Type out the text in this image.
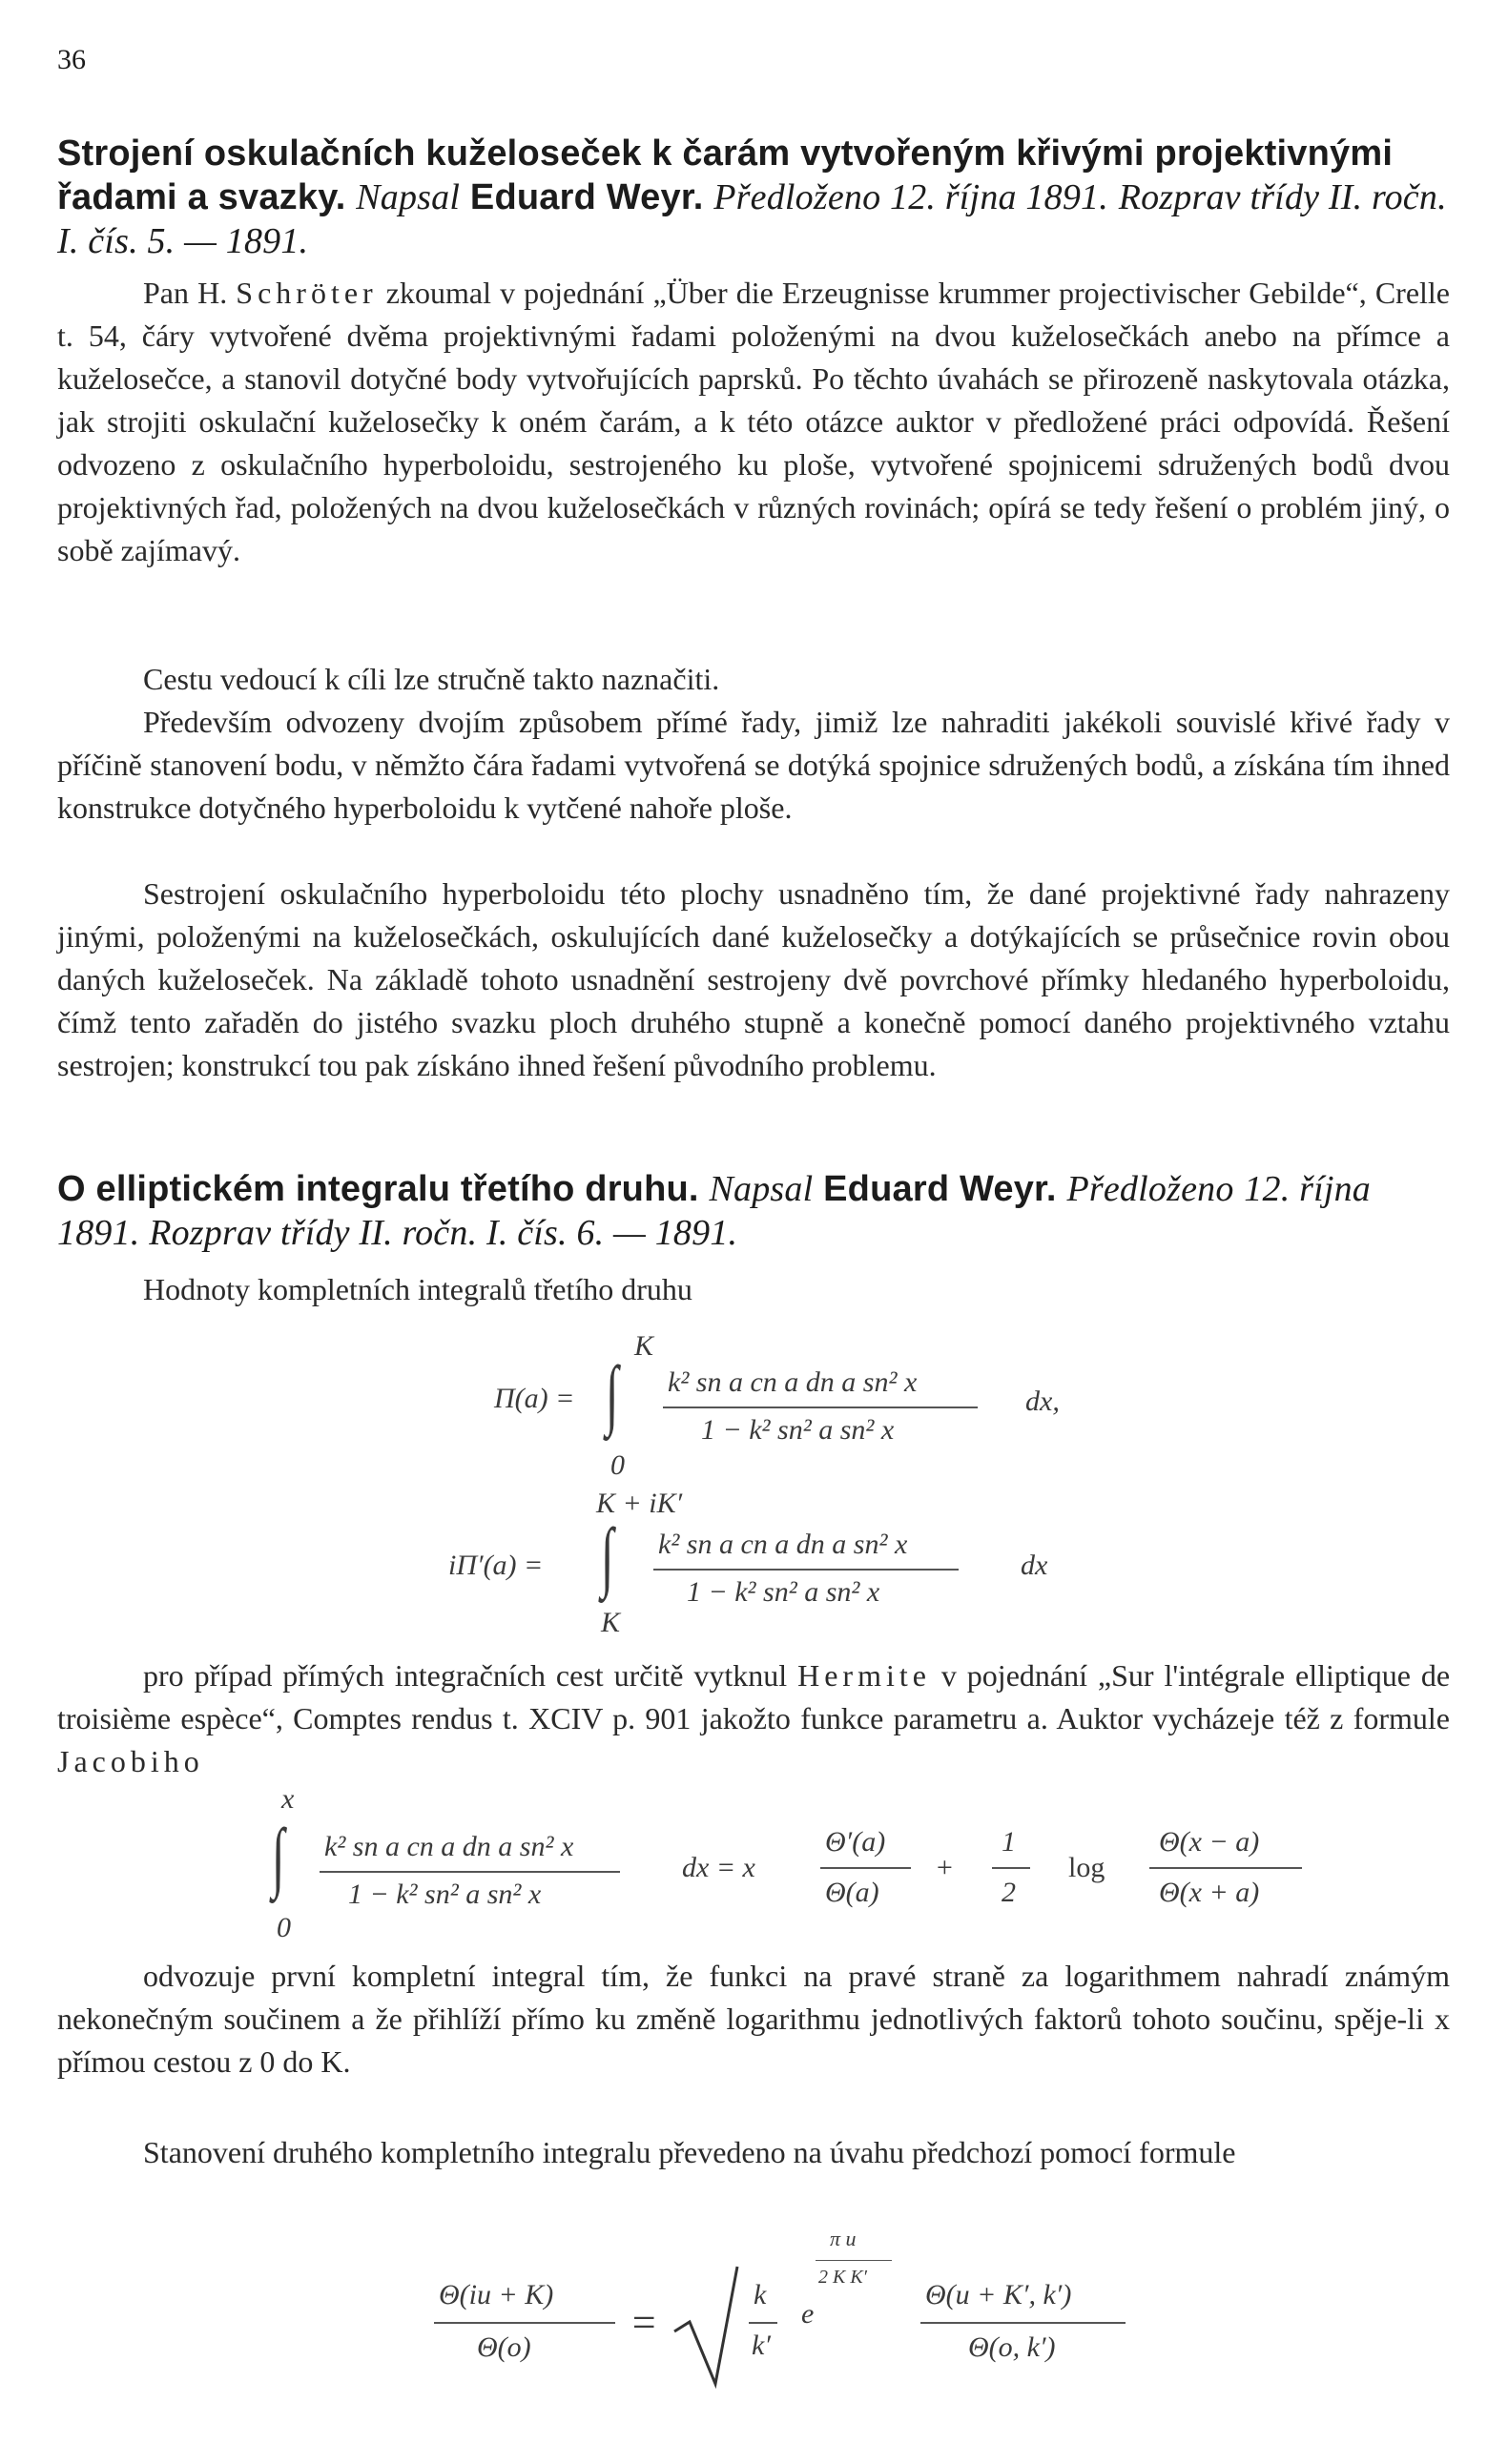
36
Strojení oskulačních kuželoseček k čarám vytvořeným křivými projektivnými řadami a svazky. Napsal Eduard Weyr. Předloženo 12. října 1891. Rozprav třídy II. ročn. I. čís. 5. — 1891.
Pan H. Schröter zkoumal v pojednání „Über die Erzeugnisse krummer projectivischer Gebilde“, Crelle t. 54, čáry vytvořené dvěma projektivnými řadami položenými na dvou kuželosečkách anebo na přímce a kuželosečce, a stanovil dotyčné body vytvořujících paprsků. Po těchto úvahách se přirozeně naskytovala otázka, jak strojiti oskulační kuželosečky k oném čarám, a k této otázce auktor v předložené práci odpovídá. Řešení odvozeno z oskulačního hyperboloidu, sestrojeného ku ploše, vytvořené spojnicemi sdružených bodů dvou projektivných řad, položených na dvou kuželosečkách v různých rovinách; opírá se tedy řešení o problém jiný, o sobě zajímavý.
Cestu vedoucí k cíli lze stručně takto naznačiti.
Především odvozeny dvojím způsobem přímé řady, jimiž lze nahraditi jakékoli souvislé křivé řady v příčině stanovení bodu, v němžto čára řadami vytvořená se dotýká spojnice sdružených bodů, a získána tím ihned konstrukce dotyčného hyperboloidu k vytčené nahoře ploše.
Sestrojení oskulačního hyperboloidu této plochy usnadněno tím, že dané projektivné řady nahrazeny jinými, položenými na kuželosečkách, oskulujících dané kuželosečky a dotýkajících se průsečnice rovin obou daných kuželoseček. Na základě tohoto usnadnění sestrojeny dvě povrchové přímky hledaného hyperboloidu, čímž tento zařaděn do jistého svazku ploch druhého stupně a konečně pomocí daného projektivného vztahu sestrojen; konstrukcí tou pak získáno ihned řešení původního problemu.
O elliptickém integralu třetího druhu. Napsal Eduard Weyr. Předloženo 12. října 1891. Rozprav třídy II. ročn. I. čís. 6. — 1891.
Hodnoty kompletních integralů třetího druhu
K
Π(a) = ∫ k² sn a cn a dn a sn² x
1 − k² sn² a sn² x
dx,
0
K + iK′
iΠ′(a) = ∫ k² sn a cn a dn a sn² x
1 − k² sn² a sn² x
dx
K
pro případ přímých integračních cest určitě vytknul Hermite v pojednání „Sur l'intégrale elliptique de troisième espèce“, Comptes rendus t. XCIV p. 901 jakožto funkce parametru a. Auktor vycházeje též z formule Jacobiho
x
∫ k² sn a cn a dn a sn² x
1 − k² sn² a sn² x
dx = x
Θ′(a)
Θ(a)
+
1
2
log
Θ(x − a)
Θ(x + a)
0
odvozuje první kompletní integral tím, že funkci na pravé straně za logarithmem nahradí známým nekonečným součinem a že přihlíží přímo ku změně logarithmu jednotlivých faktorů tohoto součinu, spěje-li x přímou cestou z 0 do K.
Stanovení druhého kompletního integralu převedeno na úvahu předchozí pomocí formule
Θ(iu + K)
Θ(o)
=
k
k′
π u
2 K K′
e
Θ(u + K′, k′)
Θ(o, k′)
